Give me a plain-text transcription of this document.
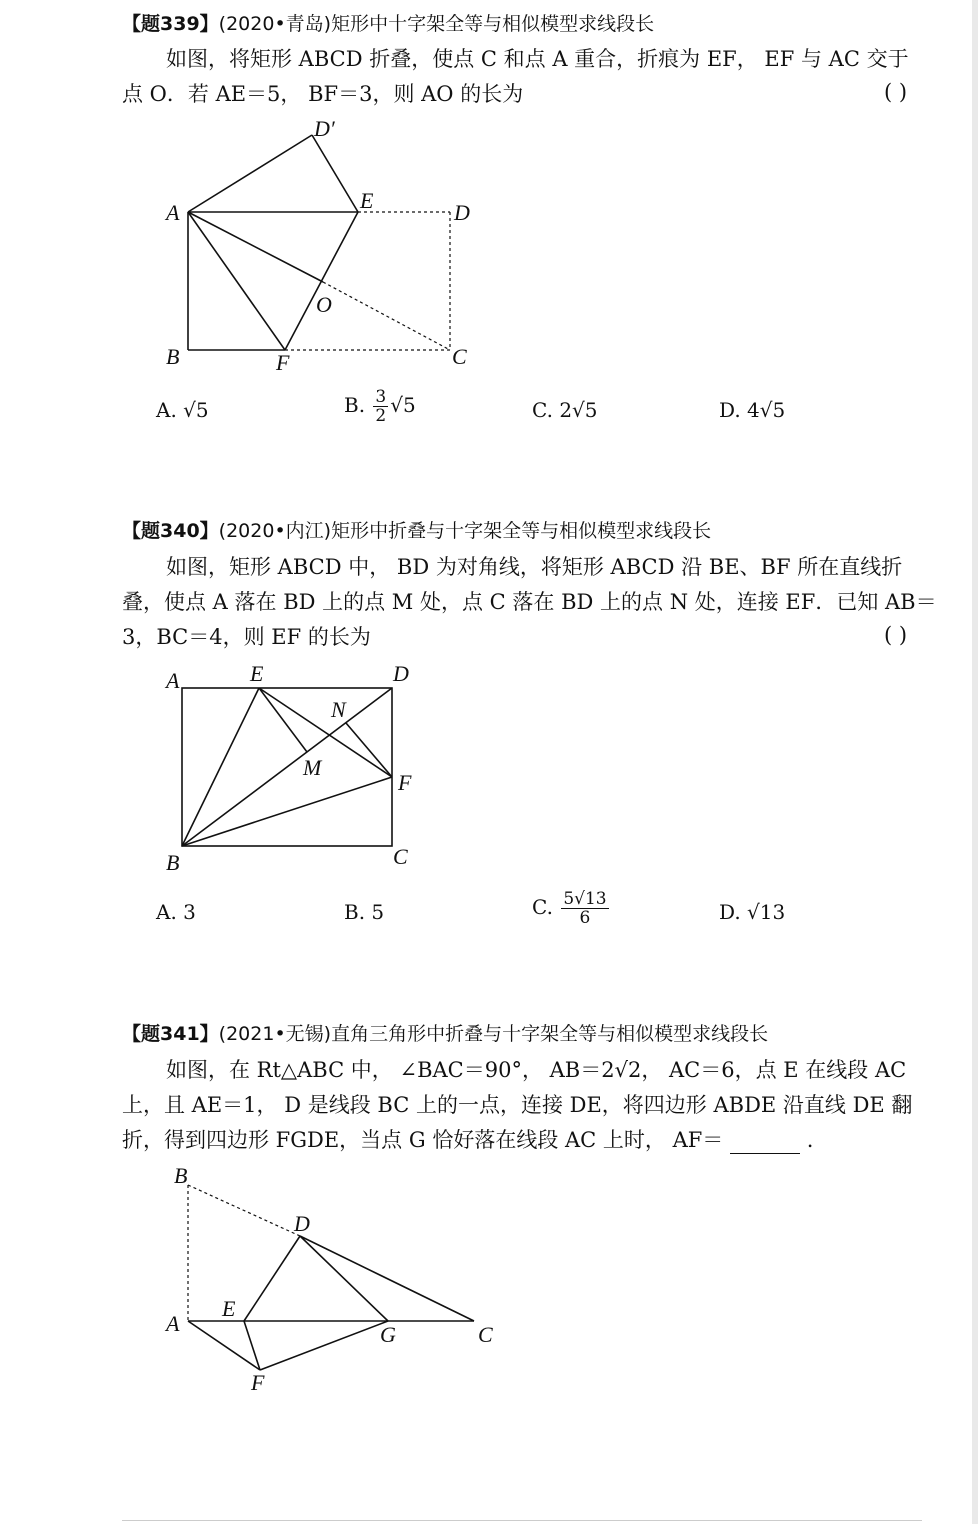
【题339】(2020•青岛)矩形中十字架全等与相似模型求线段长
如图，将矩形 ABCD 折叠，使点 C 和点 A 重合，折痕为 EF， EF 与 AC 交于
点 O．若 AE＝5， BF＝3，则 AO 的长为	( )
D′
A	E	D
O
B	F	C
A. √5	B. $\frac{3}{2} √5$	C. 2√5	D. 4√5
【题340】(2020•内江)矩形中折叠与十字架全等与相似模型求线段长
如图，矩形 ABCD 中， BD 为对角线，将矩形 ABCD 沿 BE、BF 所在直线折
叠，使点 A 落在 BD 上的点 M 处，点 C 落在 BD 上的点 N 处，连接 EF．已知 AB＝
3，BC＝4，则 EF 的长为	( )
A	E	D
N
M
F
B	C
A. 3	B. 5	C. $\frac{5√13}{6}$	D. √13
【题341】(2021•无锡)直角三角形中折叠与十字架全等与相似模型求线段长
如图，在 Rt△ABC 中， ∠BAC＝90°， AB＝2√2， AC＝6，点 E 在线段 AC
上，且 AE＝1， D 是线段 BC 上的一点，连接 DE，将四边形 ABDE 沿直线 DE 翻
折，得到四边形 FGDE，当点 G 恰好落在线段 AC 上时， AF＝	.
B
D
A
E
G	C
F
